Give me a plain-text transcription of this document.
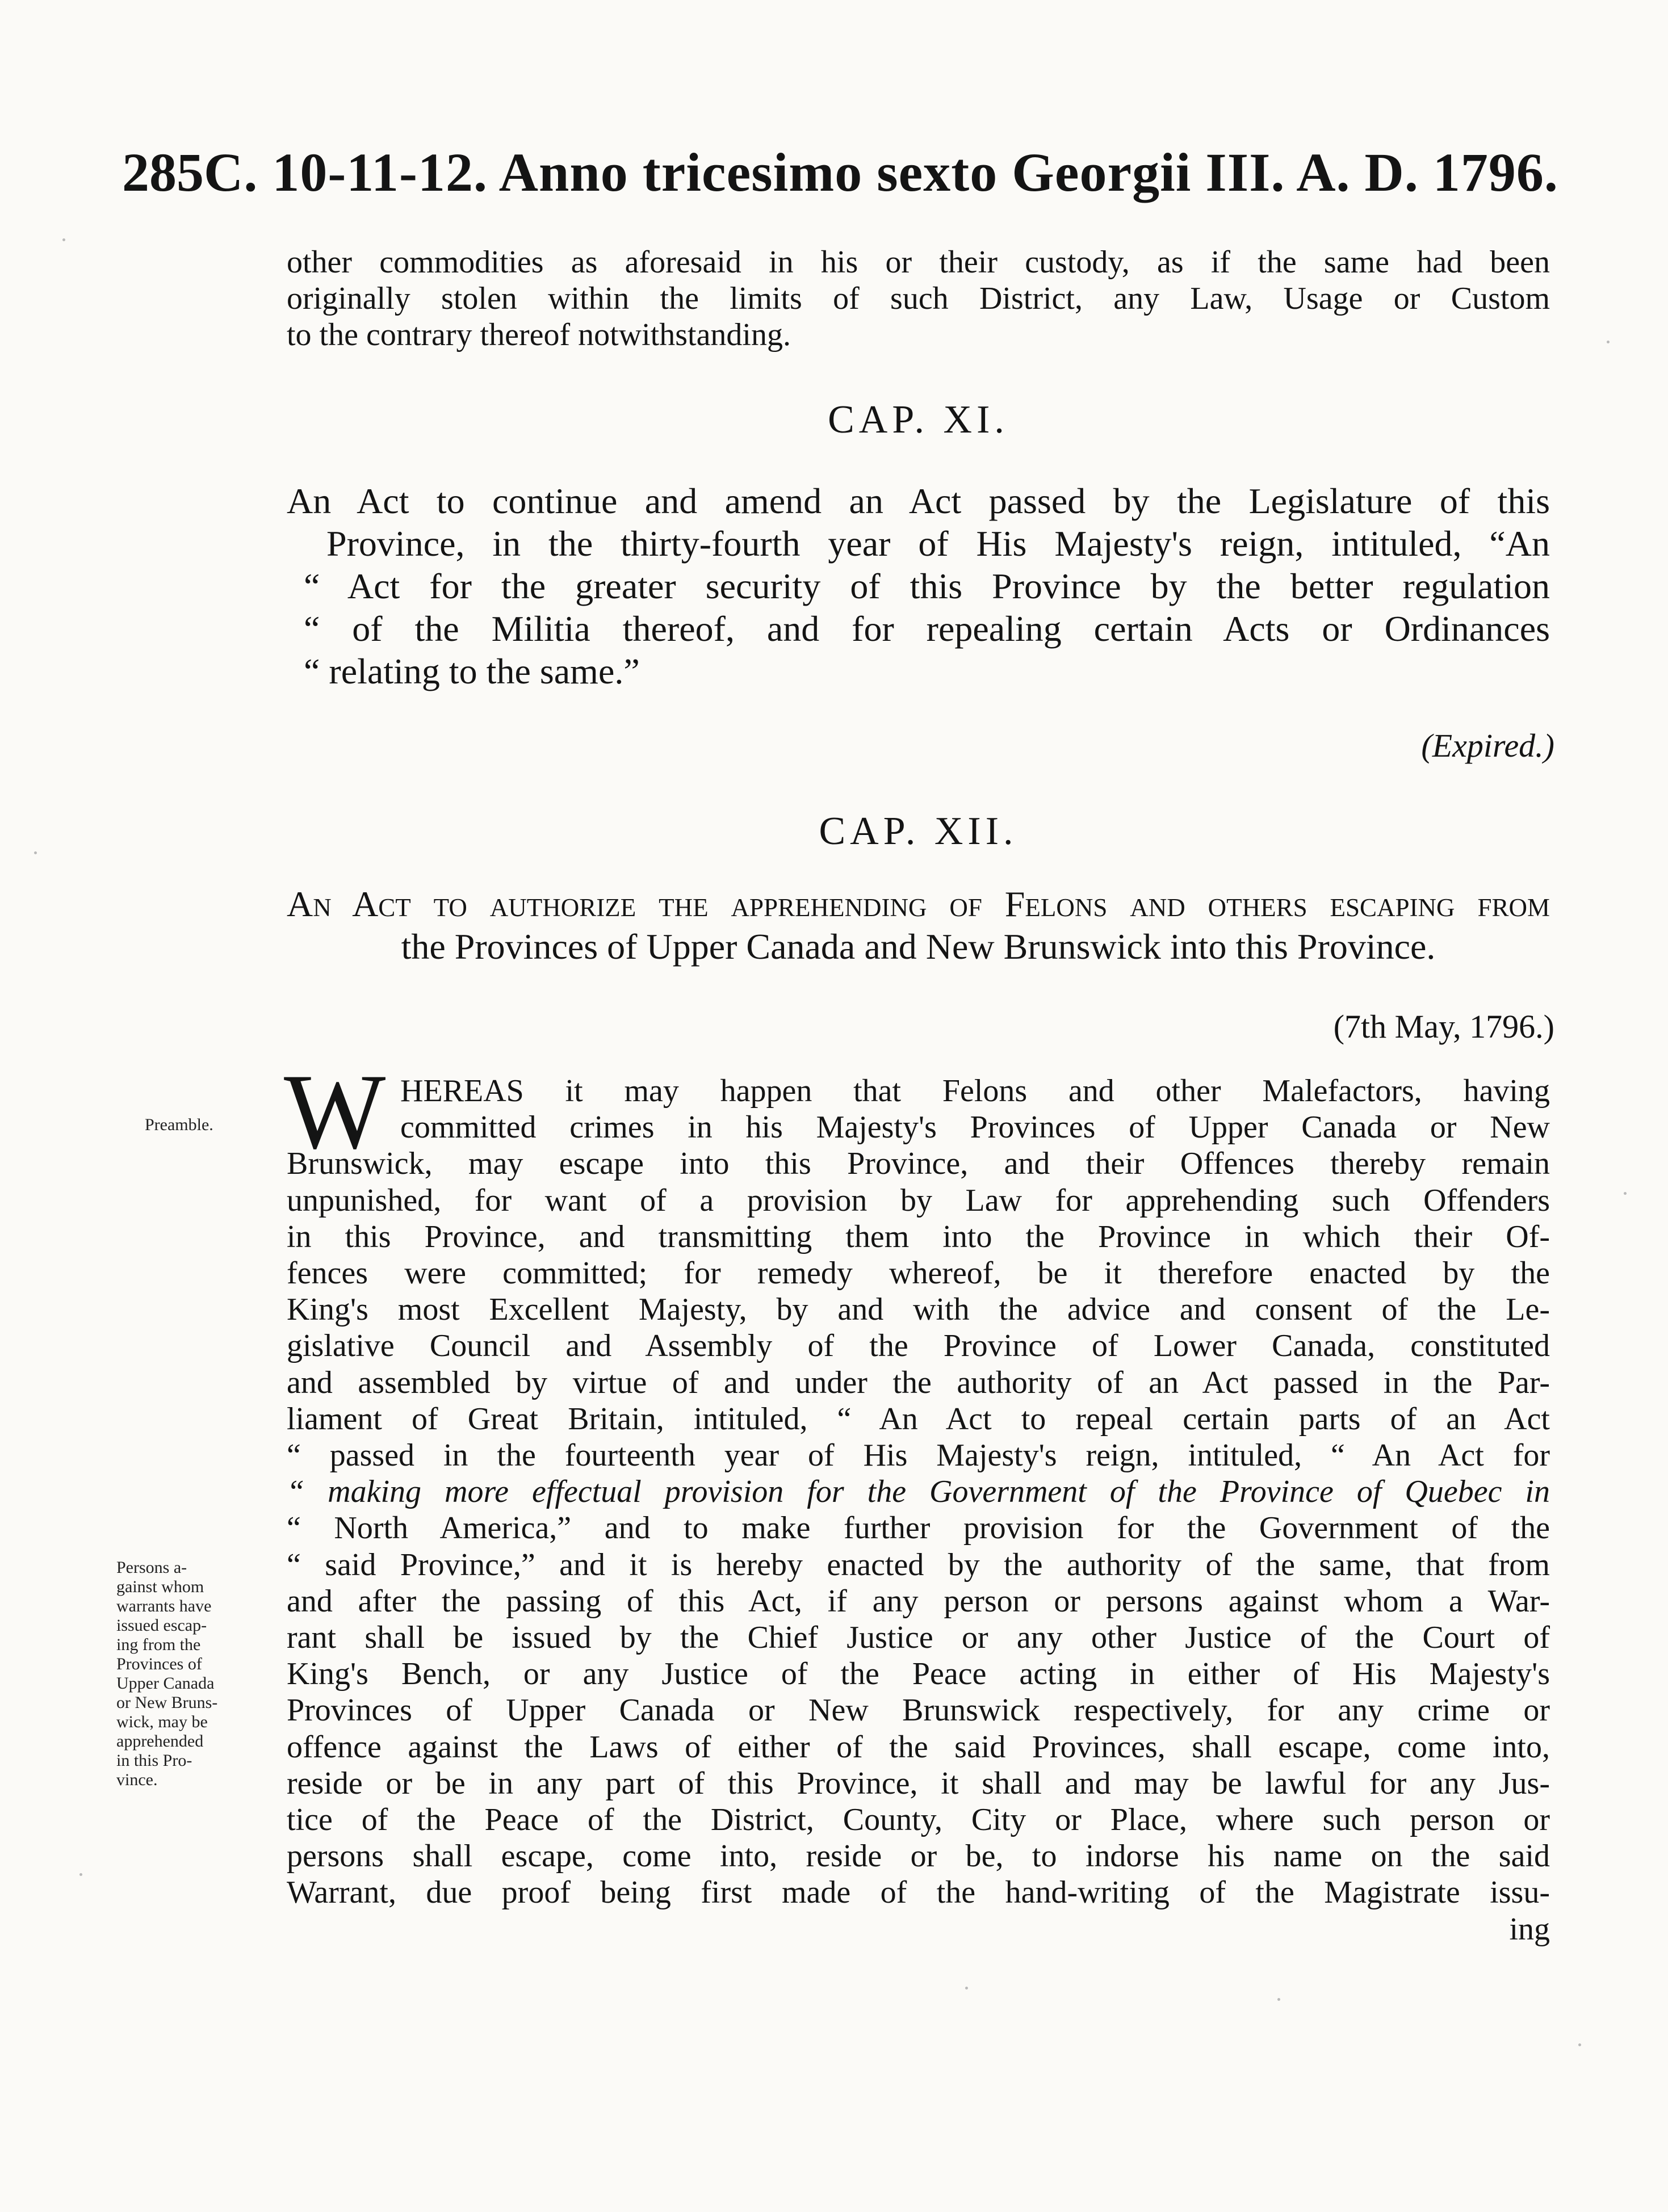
285 C. 10-11-12. Anno tricesimo sexto Georgii III. A. D. 1796.
other commodities as aforesaid in his or their custody, as if the same had been
originally stolen within the limits of such District, any Law, Usage or Custom
to the contrary thereof notwithstanding.
CAP. XI.
An Act to continue and amend an Act passed by the Legislature of this
Province, in the thirty-fourth year of His Majesty's reign, intituled, “An
“ Act for the greater security of this Province by the better regulation
“ of the Militia thereof, and for repealing certain Acts or Ordinances
“ relating to the same.”
(Expired.)
CAP. XII.
An Act to authorize the apprehending of Felons and others escaping from
the Provinces of Upper Canada and New Brunswick into this Province.
(7th May, 1796.)
Preamble.
Persons a-
gainst whom
warrants have
issued escap-
ing from the
Provinces of
Upper Canada
or New Bruns-
wick, may be
apprehended
in this Pro-
vince.
W HEREAS it may happen that Felons and other Malefactors, having
committed crimes in his Majesty's Provinces of Upper Canada or New
Brunswick, may escape into this Province, and their Offences thereby remain
unpunished, for want of a provision by Law for apprehending such Offenders
in this Province, and transmitting them into the Province in which their Of-
fences were committed; for remedy whereof, be it therefore enacted by the
King's most Excellent Majesty, by and with the advice and consent of the Le-
gislative Council and Assembly of the Province of Lower Canada, constituted
and assembled by virtue of and under the authority of an Act passed in the Par-
liament of Great Britain, intituled, “ An Act to repeal certain parts of an Act
“ passed in the fourteenth year of His Majesty's reign, intituled, “ An Act for
“ making more effectual provision for the Government of the Province of Quebec in
“ North America,” and to make further provision for the Government of the
“ said Province,” and it is hereby enacted by the authority of the same, that from
and after the passing of this Act, if any person or persons against whom a War-
rant shall be issued by the Chief Justice or any other Justice of the Court of
King's Bench, or any Justice of the Peace acting in either of His Majesty's
Provinces of Upper Canada or New Brunswick respectively, for any crime or
offence against the Laws of either of the said Provinces, shall escape, come into,
reside or be in any part of this Province, it shall and may be lawful for any Jus-
tice of the Peace of the District, County, City or Place, where such person or
persons shall escape, come into, reside or be, to indorse his name on the said
Warrant, due proof being first made of the hand-writing of the Magistrate issu-
ing
